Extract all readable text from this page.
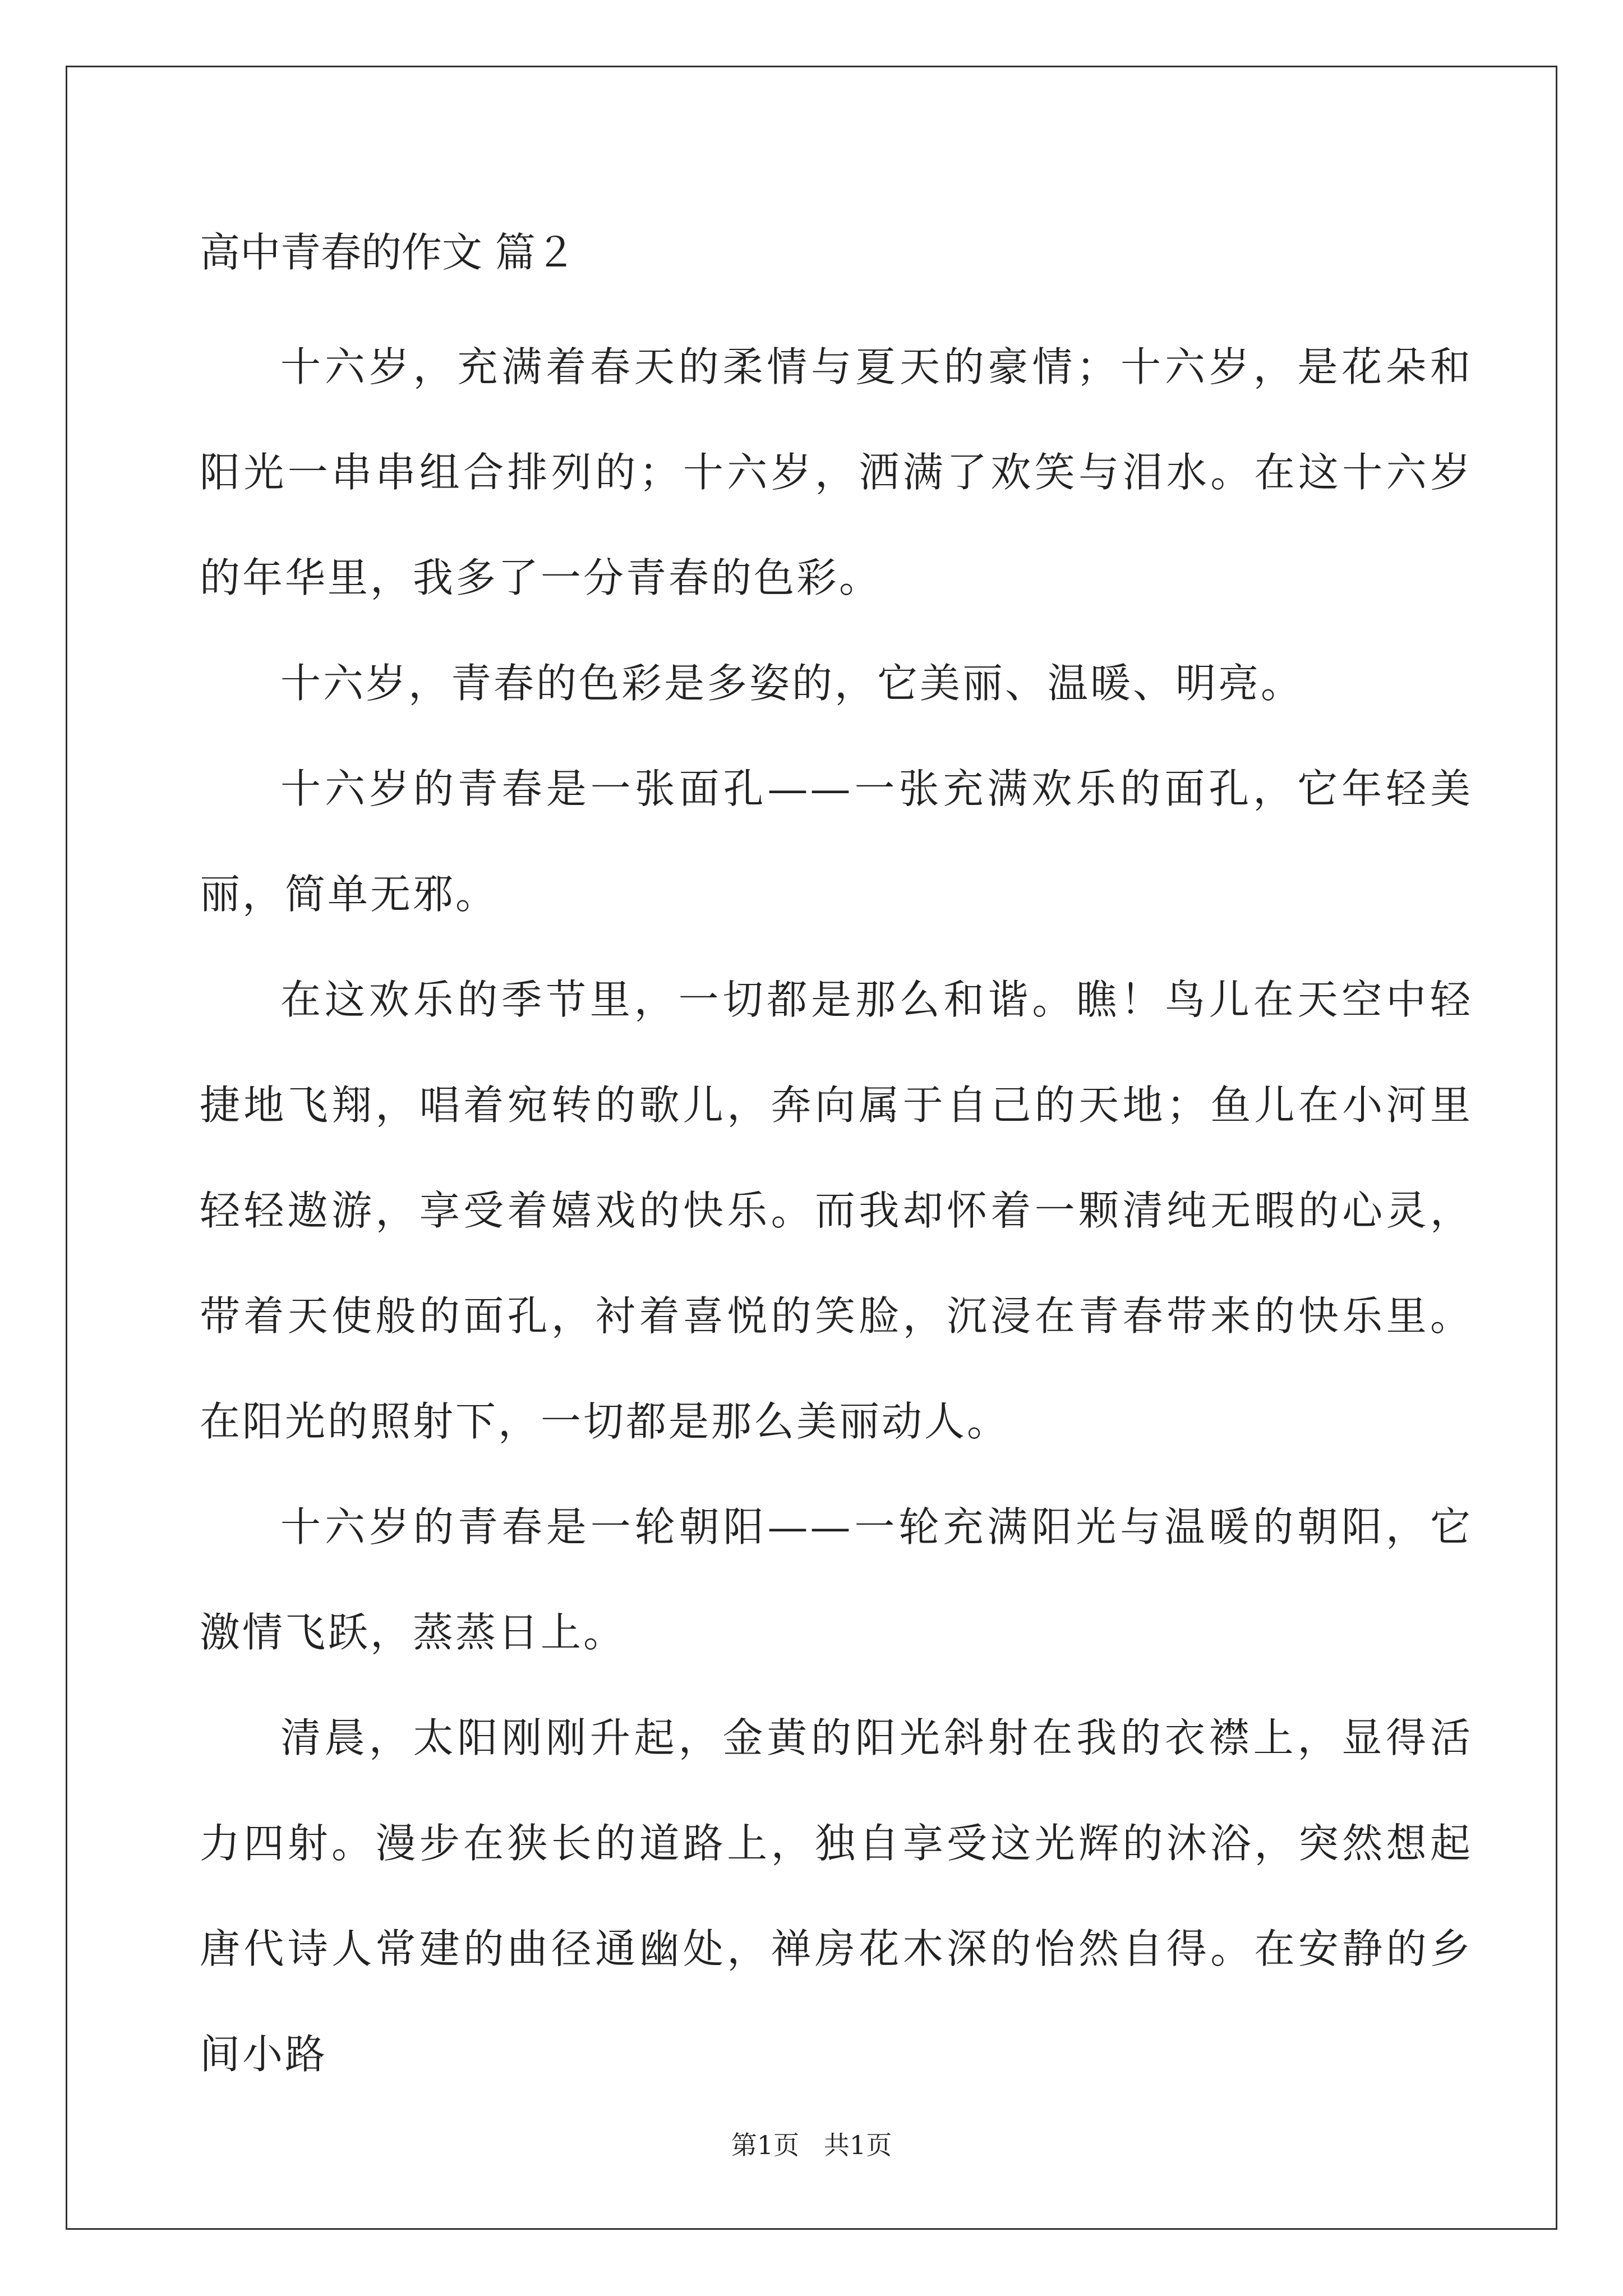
高中青春的作文 篇２

十六岁，充满着春天的柔情与夏天的豪情；十六岁，是花朵和阳光一串串组合排列的；十六岁，洒满了欢笑与泪水。在这十六岁的年华里，我多了一分青春的色彩。

十六岁，青春的色彩是多姿的，它美丽、温暖、明亮。

十六岁的青春是一张面孔——一张充满欢乐的面孔，它年轻美丽，简单无邪。

在这欢乐的季节里，一切都是那么和谐。瞧！鸟儿在天空中轻捷地飞翔，唱着宛转的歌儿，奔向属于自己的天地；鱼儿在小河里轻轻遨游，享受着嬉戏的快乐。而我却怀着一颗清纯无暇的心灵，带着天使般的面孔，衬着喜悦的笑脸，沉浸在青春带来的快乐里。在阳光的照射下，一切都是那么美丽动人。

十六岁的青春是一轮朝阳——一轮充满阳光与温暖的朝阳，它激情飞跃，蒸蒸日上。

清晨，太阳刚刚升起，金黄的阳光斜射在我的衣襟上，显得活力四射。漫步在狭长的道路上，独自享受这光辉的沐浴，突然想起唐代诗人常建的曲径通幽处，禅房花木深的怡然自得。在安静的乡间小路

第1页   共1页
